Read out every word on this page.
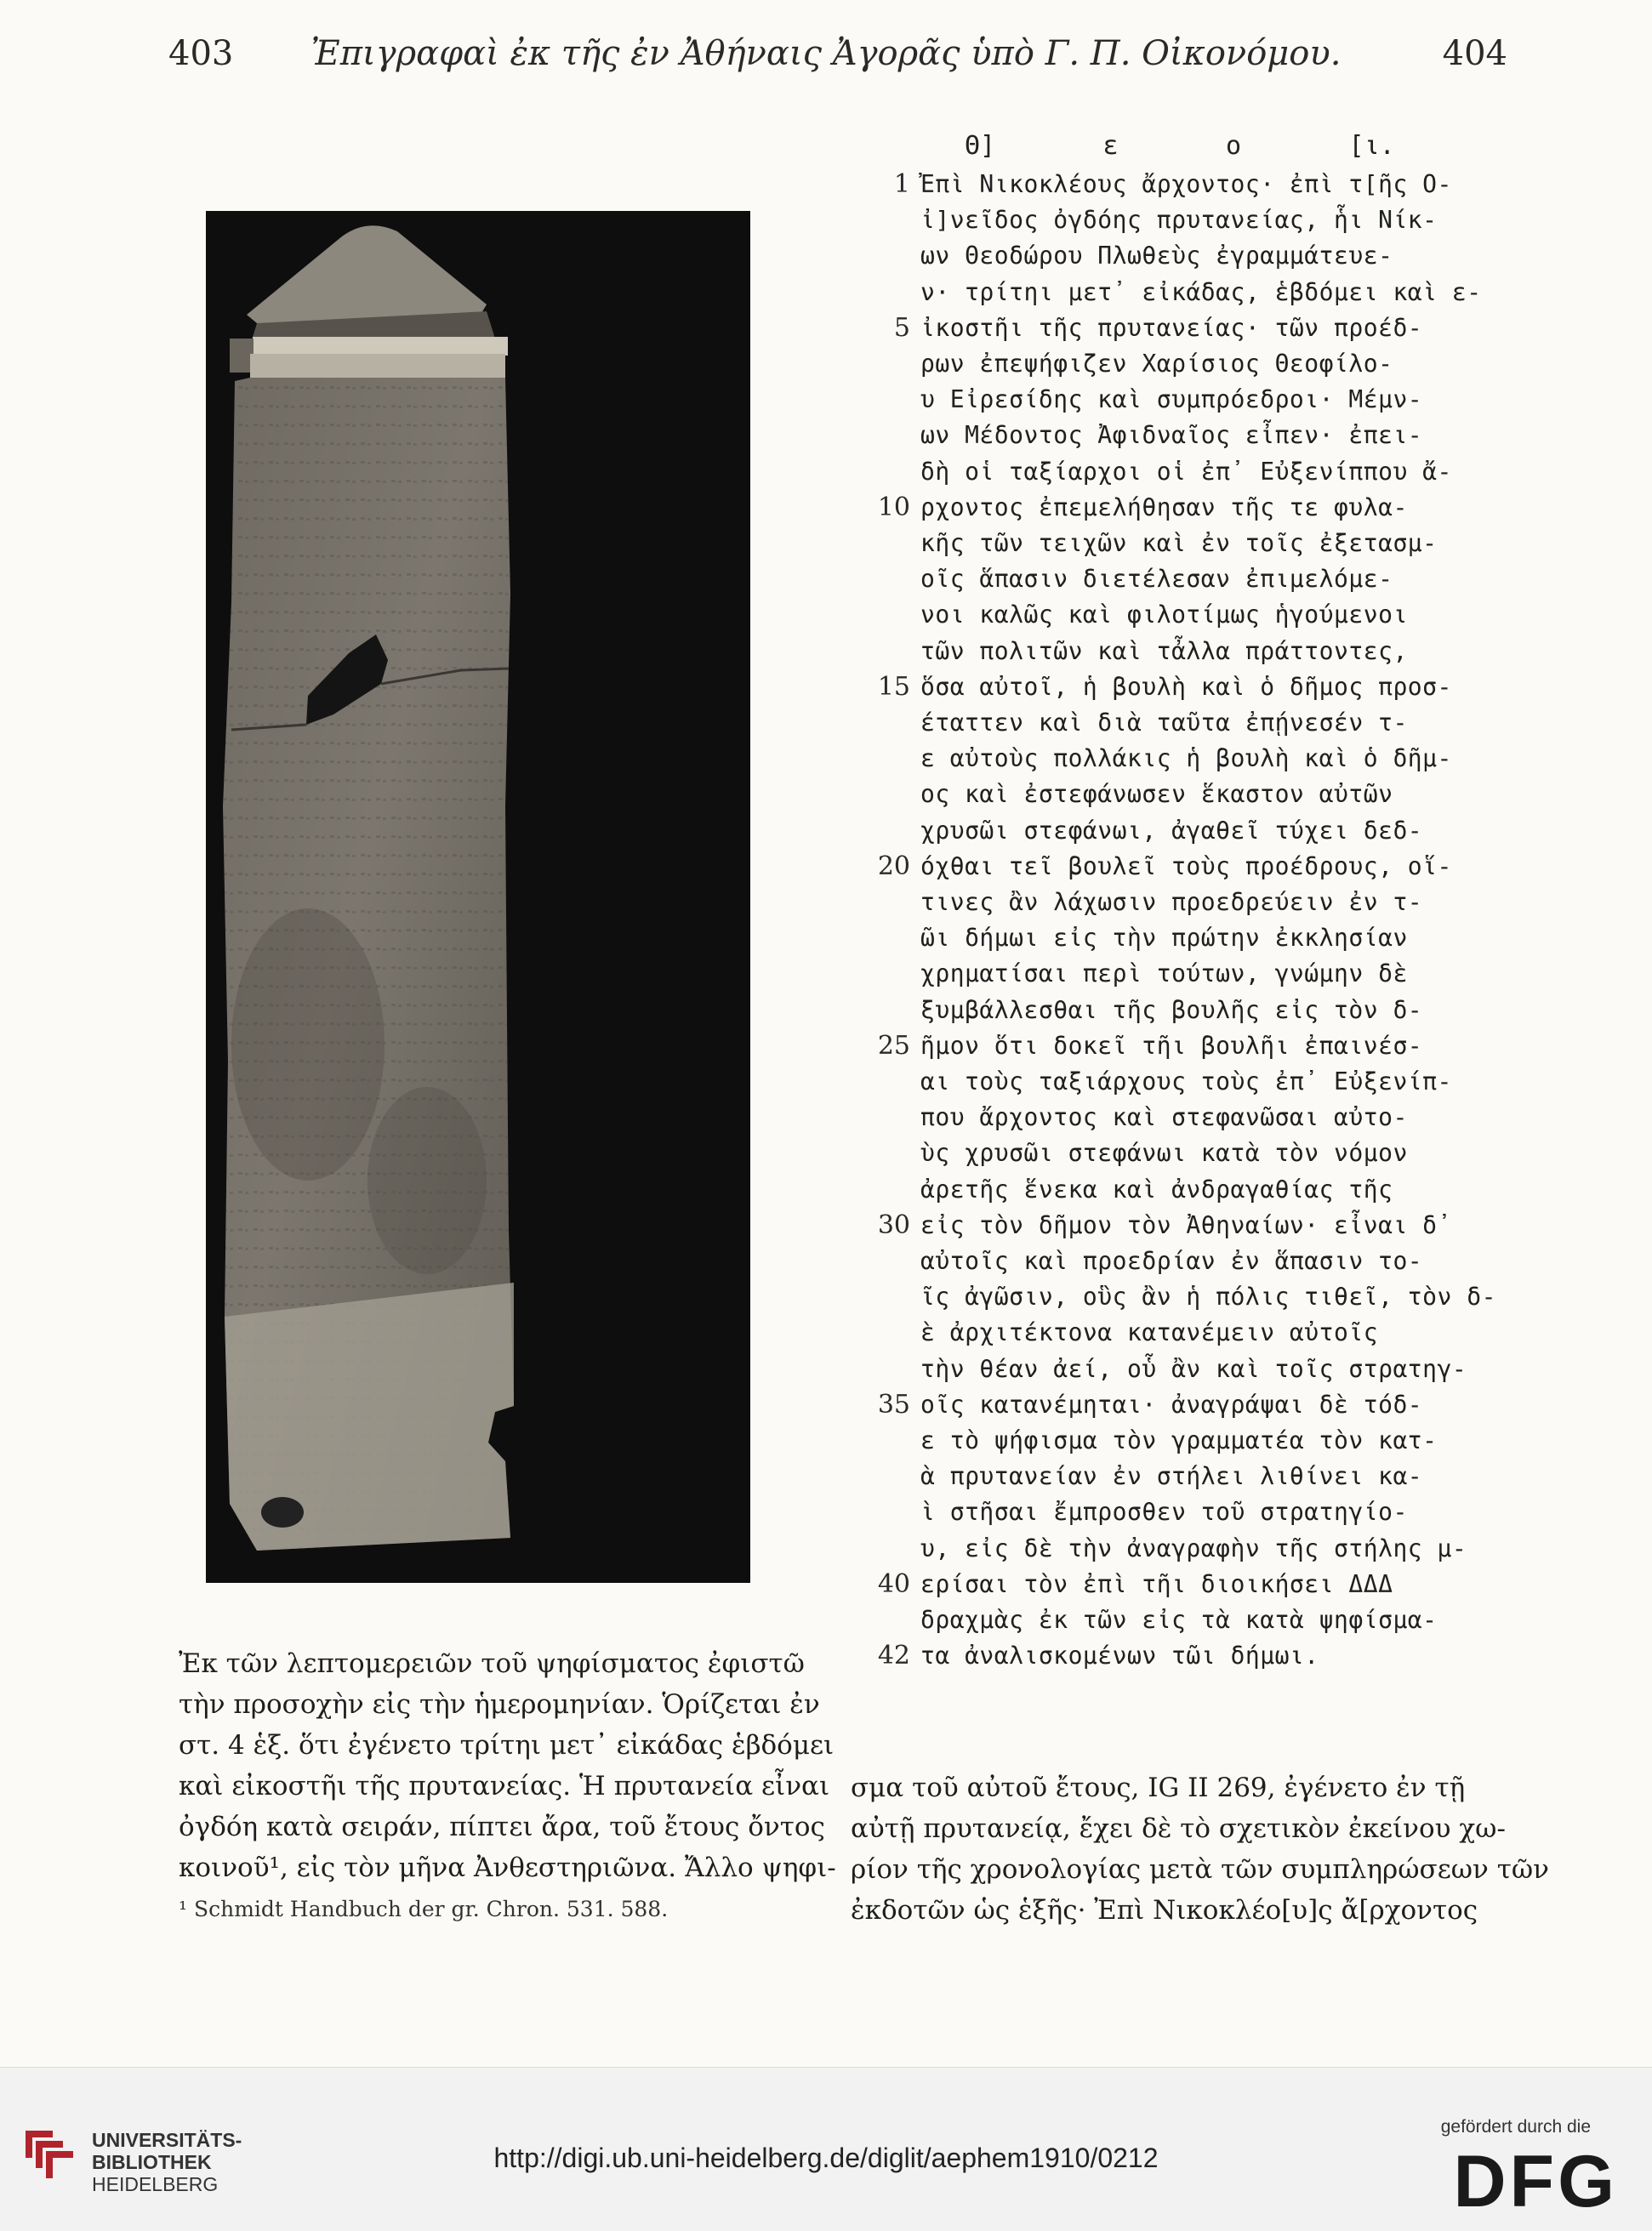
403	Ἐπιγραφαὶ ἐκ τῆς ἐν Ἀθήναις Ἀγορᾶς ὑπὸ Γ. Π. Οἰκονόμου.	404
Θ]       ε       ο       [ι.
1 Ἐπὶ Νικοκλέους ἄρχοντος· ἐπὶ τ[ῆς Ο-
ἰ]νεῖδος ὀγδόης πρυτανείας, ἧι Νίκ-
ων Θεοδώρου Πλωθεὺς ἐγραμμάτευε-
ν· τρίτηι μετ᾽ εἰκάδας, ἑβδόμει καὶ ε-
5 ἰκοστῆι τῆς πρυτανείας· τῶν προέδ-
ρων ἐπεψήφιζεν Χαρίσιος Θεοφίλο-
υ Εἰρεσίδης καὶ συμπρόεδροι· Μέμν-
ων Μέδοντος Ἀφιδναῖος εἶπεν· ἐπει-
δὴ οἱ ταξίαρχοι οἱ ἐπ᾽ Εὐξενίππου ἄ-
10 ρχοντος ἐπεμελήθησαν τῆς τε φυλα-
κῆς τῶν τειχῶν καὶ ἐν τοῖς ἐξετασμ-
οῖς ἅπασιν διετέλεσαν ἐπιμελόμε-
νοι καλῶς καὶ φιλοτίμως ἡγούμενοι
τῶν πολιτῶν καὶ τἆλλα πράττοντες,
15 ὅσα αὐτοῖ, ἡ βουλὴ καὶ ὁ δῆμος προσ-
έταττεν καὶ διὰ ταῦτα ἐπῄνεσέν τ-
ε αὐτοὺς πολλάκις ἡ βουλὴ καὶ ὁ δῆμ-
ος καὶ ἐστεφάνωσεν ἕκαστον αὐτῶν
χρυσῶι στεφάνωι, ἀγαθεῖ τύχει δεδ-
20 όχθαι τεῖ βουλεῖ τοὺς προέδρους, οἵ-
τινες ἂν λάχωσιν προεδρεύειν ἐν τ-
ῶι δήμωι εἰς τὴν πρώτην ἐκκλησίαν
χρηματίσαι περὶ τούτων, γνώμην δὲ
ξυμβάλλεσθαι τῆς βουλῆς εἰς τὸν δ-
25 ῆμον ὅτι δοκεῖ τῆι βουλῆι ἐπαινέσ-
αι τοὺς ταξιάρχους τοὺς ἐπ᾽ Εὐξενίπ-
που ἄρχοντος καὶ στεφανῶσαι αὐτο-
ὺς χρυσῶι στεφάνωι κατὰ τὸν νόμον
ἀρετῆς ἕνεκα καὶ ἀνδραγαθίας τῆς
30 εἰς τὸν δῆμον τὸν Ἀθηναίων· εἶναι δ᾽
αὐτοῖς καὶ προεδρίαν ἐν ἅπασιν το-
ῖς ἀγῶσιν, οὓς ἂν ἡ πόλις τιθεῖ, τὸν δ-
ὲ ἀρχιτέκτονα κατανέμειν αὐτοῖς
τὴν θέαν ἀεί, οὗ ἂν καὶ τοῖς στρατηγ-
35 οῖς κατανέμηται· ἀναγράψαι δὲ τόδ-
ε τὸ ψήφισμα τὸν γραμματέα τὸν κατ-
ὰ πρυτανείαν ἐν στήλει λιθίνει κα-
ὶ στῆσαι ἔμπροσθεν τοῦ στρατηγίο-
υ, εἰς δὲ τὴν ἀναγραφὴν τῆς στήλης μ-
40 ερίσαι τὸν ἐπὶ τῆι διοικήσει ΔΔΔ
δραχμὰς ἐκ τῶν εἰς τὰ κατὰ ψηφίσμα-
42 τα ἀναλισκομένων τῶι δήμωι.
Ἐκ τῶν λεπτομερειῶν τοῦ ψηφίσματος ἐφιστῶ
τὴν προσοχὴν εἰς τὴν ἡμερομηνίαν. Ὁρίζεται ἐν
στ. 4 ἑξ. ὅτι ἐγένετο τρίτηι μετ᾽ εἰκάδας ἑβδόμει
καὶ εἰκοστῆι τῆς πρυτανείας. Ἡ πρυτανεία εἶναι
ὀγδόη κατὰ σειράν, πίπτει ἄρα, τοῦ ἔτους ὄντος
κοινοῦ¹, εἰς τὸν μῆνα Ἀνθεστηριῶνα. Ἄλλο ψηφι-
σμα τοῦ αὐτοῦ ἔτους, IG II 269, ἐγένετο ἐν τῇ
αὐτῇ πρυτανείᾳ, ἔχει δὲ τὸ σχετικὸν ἐκείνου χω-
ρίον τῆς χρονολογίας μετὰ τῶν συμπληρώσεων τῶν
ἐκδοτῶν ὡς ἑξῆς· Ἐπὶ Νικοκλέο[υ]ς ἄ[ρχοντος
¹ Schmidt Handbuch der gr. Chron. 531. 588.
UNIVERSITÄTS-
BIBLIOTHEK
HEIDELBERG
http://digi.ub.uni-heidelberg.de/diglit/aephem1910/0212
gefördert durch die
DFG
